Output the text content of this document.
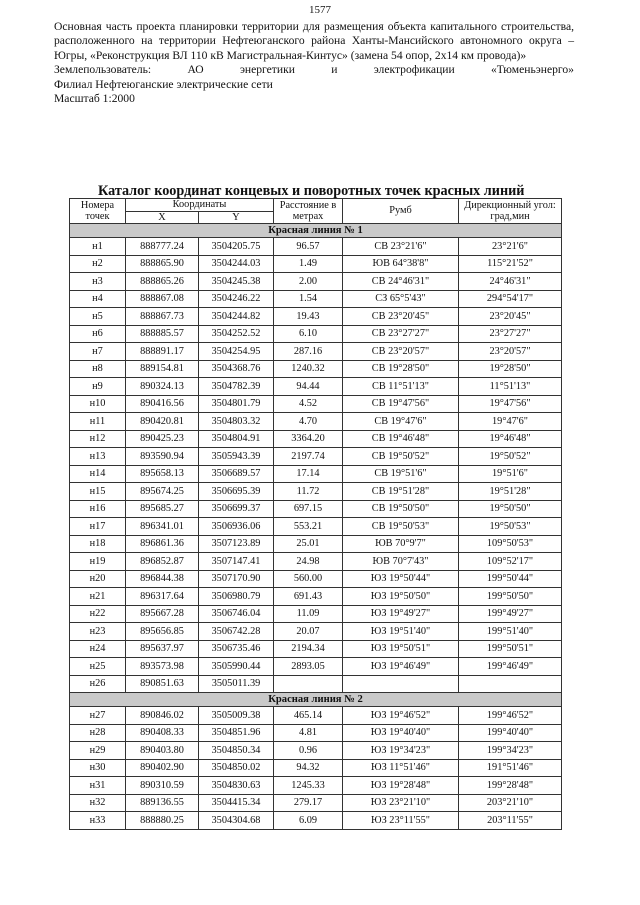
1577

Основная часть проекта планировки территории для размещения объекта капитального строительства, расположенного на территории Нефтеюганского района Ханты-Мансийского автономного округа – Югры, «Реконструкция ВЛ 110 кВ Магистральная-Кинтус» (замена 54 опор, 2х14 км провода)»

Землепользователь:	АО	энергетики	и	электрофикации	«Тюменьэнерго»

Филиал Нефтеюганские электрические сети

Масштаб 1:2000

Каталог координат концевых и поворотных точек красных линий
Номера точек	Координаты		Расстояние в метрах	Румб	Дирекционный угол: град,мин
	X	Y			
Красная линия № 1					
н1	888777.24	3504205.75	96.57	СВ 23°21'6"	23°21'6"
н2	888865.90	3504244.03	1.49	ЮВ 64°38'8"	115°21'52"
н3	888865.26	3504245.38	2.00	СВ 24°46'31"	24°46'31"
н4	888867.08	3504246.22	1.54	СЗ 65°5'43"	294°54'17"
н5	888867.73	3504244.82	19.43	СВ 23°20'45"	23°20'45"
н6	888885.57	3504252.52	6.10	СВ 23°27'27"	23°27'27"
н7	888891.17	3504254.95	287.16	СВ 23°20'57"	23°20'57"
н8	889154.81	3504368.76	1240.32	СВ 19°28'50"	19°28'50"
н9	890324.13	3504782.39	94.44	СВ 11°51'13"	11°51'13"
н10	890416.56	3504801.79	4.52	СВ 19°47'56"	19°47'56"
н11	890420.81	3504803.32	4.70	СВ 19°47'6"	19°47'6"
н12	890425.23	3504804.91	3364.20	СВ 19°46'48"	19°46'48"
н13	893590.94	3505943.39	2197.74	СВ 19°50'52"	19°50'52"
н14	895658.13	3506689.57	17.14	СВ 19°51'6"	19°51'6"
н15	895674.25	3506695.39	11.72	СВ 19°51'28"	19°51'28"
н16	895685.27	3506699.37	697.15	СВ 19°50'50"	19°50'50"
н17	896341.01	3506936.06	553.21	СВ 19°50'53"	19°50'53"
н18	896861.36	3507123.89	25.01	ЮВ 70°9'7"	109°50'53"
н19	896852.87	3507147.41	24.98	ЮВ 70°7'43"	109°52'17"
н20	896844.38	3507170.90	560.00	ЮЗ 19°50'44"	199°50'44"
н21	896317.64	3506980.79	691.43	ЮЗ 19°50'50"	199°50'50"
н22	895667.28	3506746.04	11.09	ЮЗ 19°49'27"	199°49'27"
н23	895656.85	3506742.28	20.07	ЮЗ 19°51'40"	199°51'40"
н24	895637.97	3506735.46	2194.34	ЮЗ 19°50'51"	199°50'51"
н25	893573.98	3505990.44	2893.05	ЮЗ 19°46'49"	199°46'49"
н26	890851.63	3505011.39			
Красная линия № 2					
н27	890846.02	3505009.38	465.14	ЮЗ 19°46'52"	199°46'52"
н28	890408.33	3504851.96	4.81	ЮЗ 19°40'40"	199°40'40"
н29	890403.80	3504850.34	0.96	ЮЗ 19°34'23"	199°34'23"
н30	890402.90	3504850.02	94.32	ЮЗ 11°51'46"	191°51'46"
н31	890310.59	3504830.63	1245.33	ЮЗ 19°28'48"	199°28'48"
н32	889136.55	3504415.34	279.17	ЮЗ 23°21'10"	203°21'10"
н33	888880.25	3504304.68	6.09	ЮЗ 23°11'55"	203°11'55"
